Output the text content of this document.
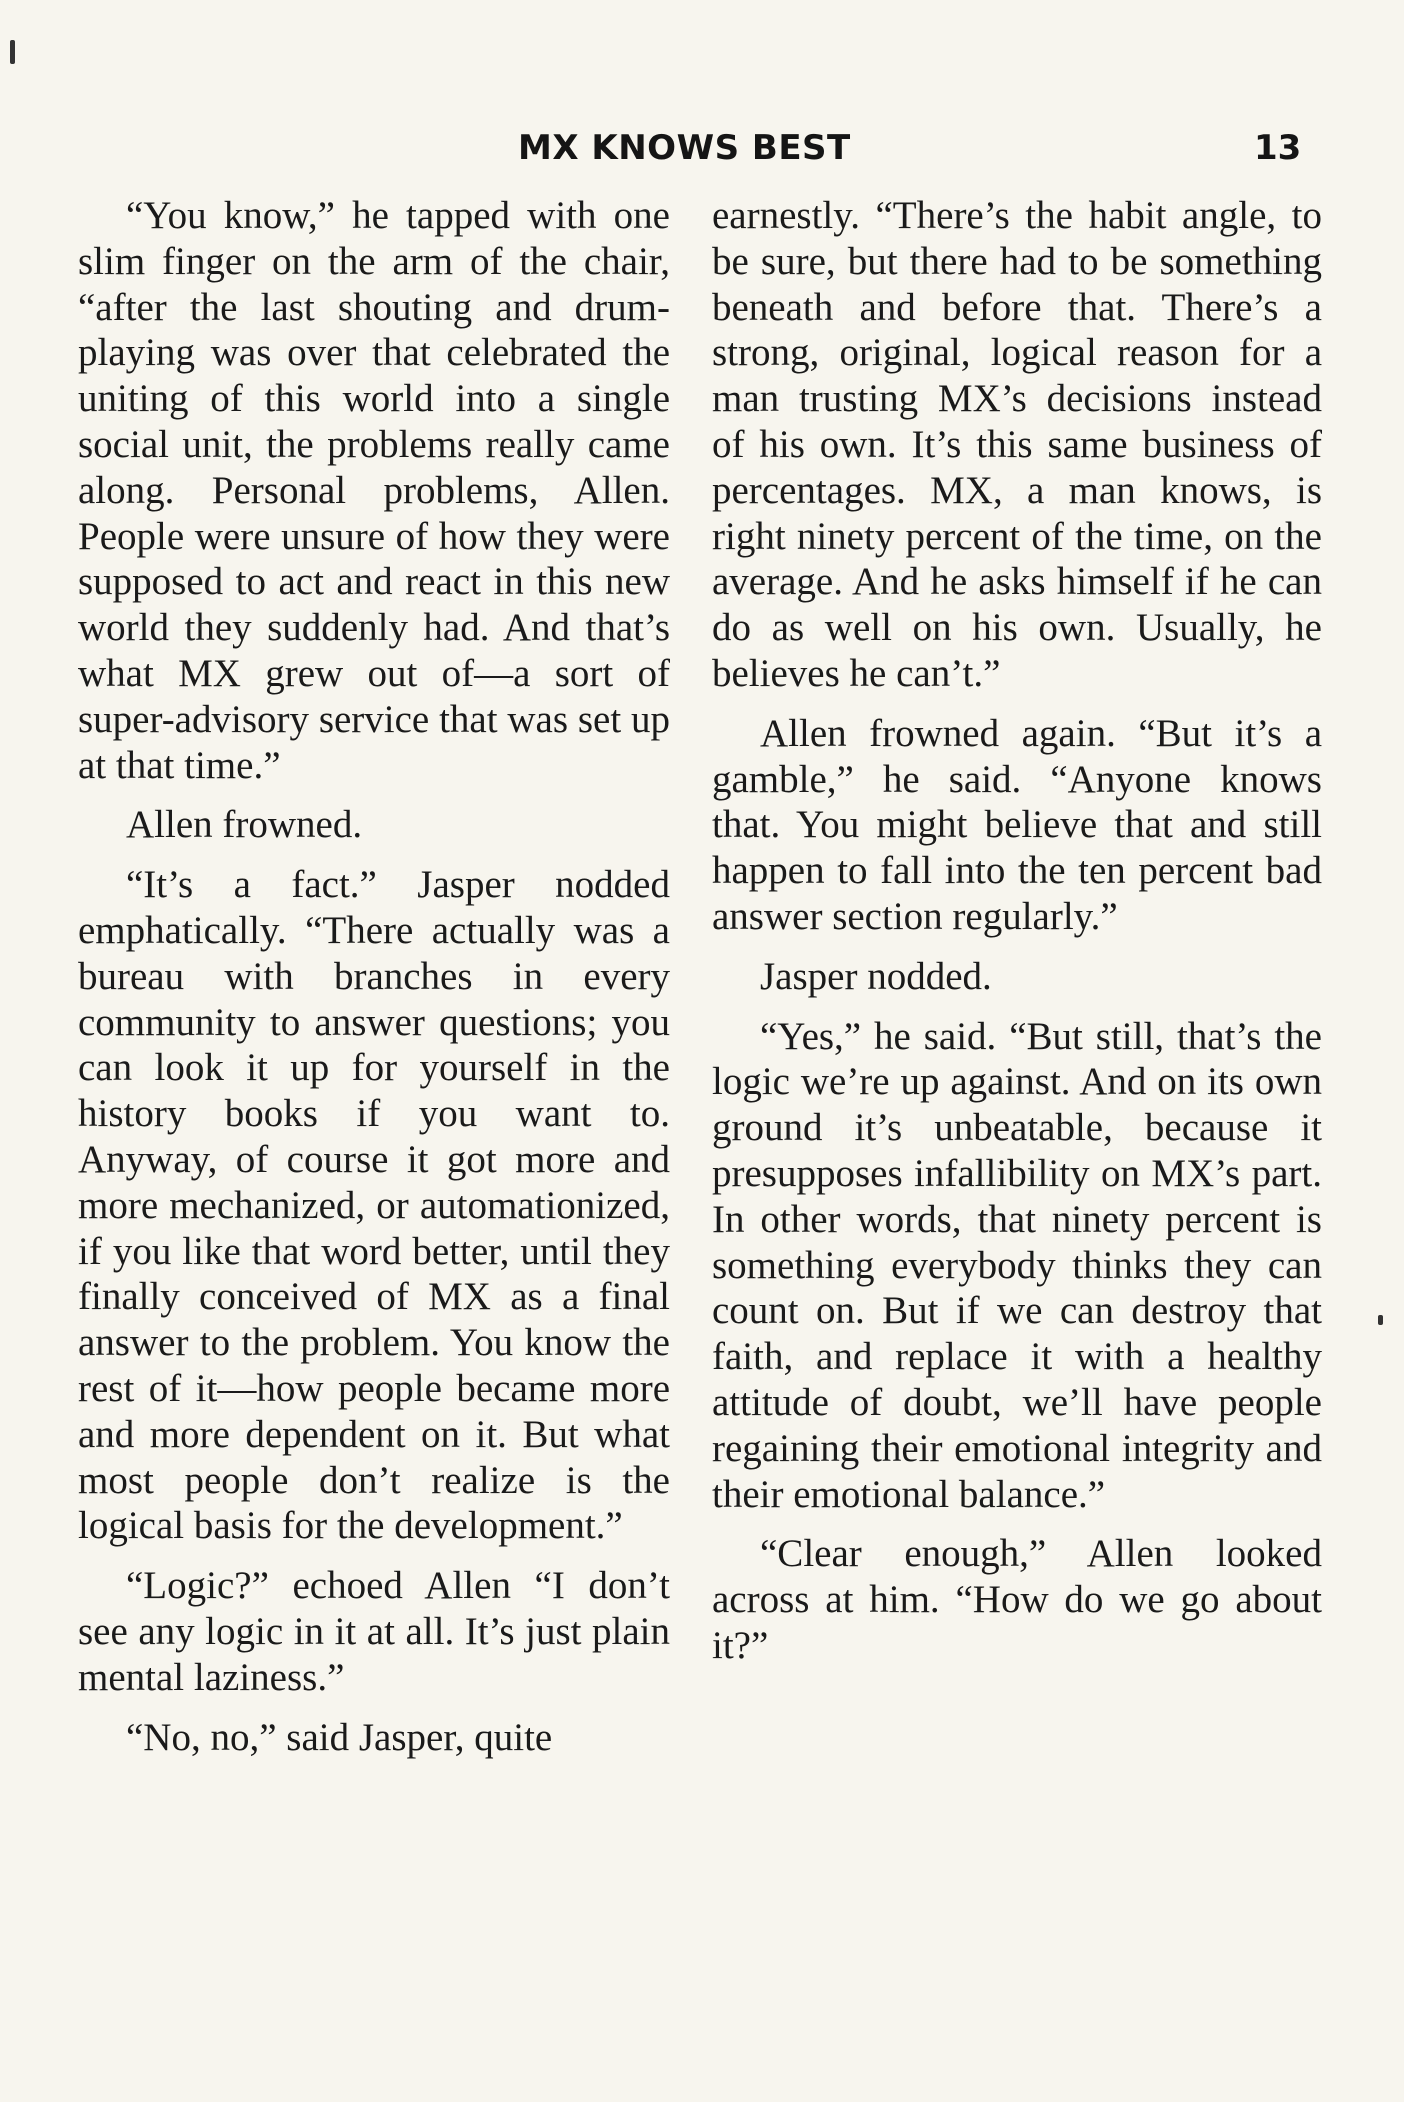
MX KNOWS BEST	13

“You know,” he tapped with one slim finger on the arm of the chair, “after the last shouting and drum-playing was over that celebrated the uniting of this world into a single social unit, the problems really came along. Personal problems, Allen. People were unsure of how they were supposed to act and react in this new world they suddenly had. And that’s what MX grew out of—a sort of super-advisory service that was set up at that time.”

Allen frowned.

“It’s a fact.” Jasper nodded emphatically. “There actually was a bureau with branches in every community to answer questions; you can look it up for yourself in the history books if you want to. Anyway, of course it got more and more mechanized, or automationized, if you like that word better, until they finally conceived of MX as a final answer to the problem. You know the rest of it—how people became more and more dependent on it. But what most people don’t realize is the logical basis for the development.”

“Logic?” echoed Allen “I don’t see any logic in it at all. It’s just plain mental laziness.”

“No, no,” said Jasper, quite

earnestly. “There’s the habit angle, to be sure, but there had to be something beneath and before that. There’s a strong, original, logical reason for a man trusting MX’s decisions instead of his own. It’s this same business of percentages. MX, a man knows, is right ninety percent of the time, on the average. And he asks himself if he can do as well on his own. Usually, he believes he can’t.”

Allen frowned again. “But it’s a gamble,” he said. “Anyone knows that. You might believe that and still happen to fall into the ten percent bad answer section regularly.”

Jasper nodded.

“Yes,” he said. “But still, that’s the logic we’re up against. And on its own ground it’s unbeatable, because it presupposes infallibility on MX’s part. In other words, that ninety percent is something everybody thinks they can count on. But if we can destroy that faith, and replace it with a healthy attitude of doubt, we’ll have people regaining their emotional integrity and their emotional balance.”

“Clear enough,” Allen looked across at him. “How do we go about it?”
